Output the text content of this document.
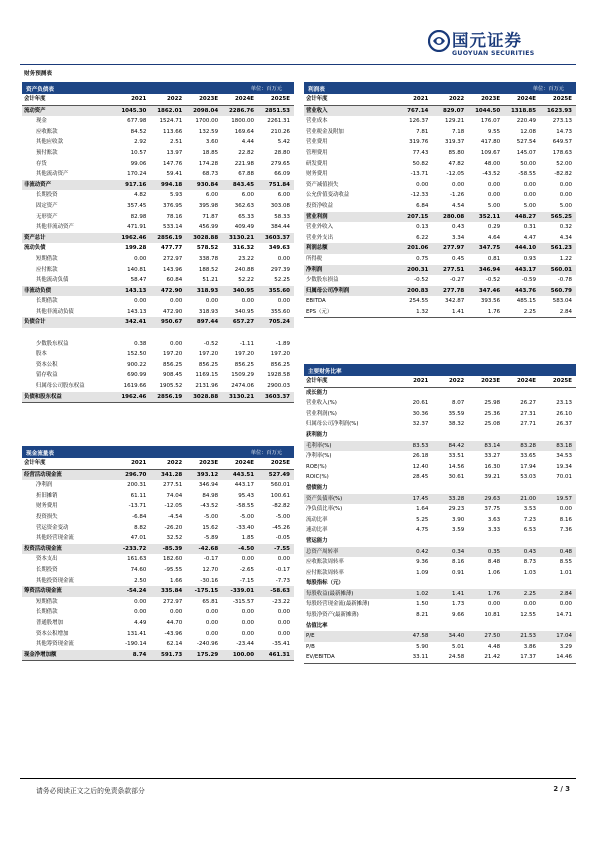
国元证券
GUOYUAN SECURITIES
财务预测表
资产负债表	单位：百万元
会计年度	2021	2022	2023E	2024E	2025E
流动资产	1045.30	1862.01	2098.04	2286.76	2851.53
现金	677.98	1524.71	1700.00	1800.00	2261.31
应收账款	84.52	113.66	132.59	169.64	210.26
其他应收款	2.92	2.51	3.60	4.44	5.42
预付账款	10.57	13.97	18.85	22.82	28.80
存货	99.06	147.76	174.28	221.98	279.65
其他流动资产	170.24	59.41	68.73	67.88	66.09
非流动资产	917.16	994.18	930.84	843.45	751.84
长期投资	4.82	5.93	6.00	6.00	6.00
固定资产	357.45	376.95	395.98	362.63	303.08
无形资产	82.98	78.16	71.87	65.33	58.33
其他非流动资产	471.91	533.14	456.99	409.49	384.44
资产总计	1962.46	2856.19	3028.88	3130.21	3603.37
流动负债	199.28	477.77	578.52	316.32	349.63
短期借款	0.00	272.97	338.78	23.22	0.00
应付账款	140.81	143.96	188.52	240.88	297.39
其他流动负债	58.47	60.84	51.21	52.22	52.25
非流动负债	143.13	472.90	318.93	340.95	355.60
长期借款	0.00	0.00	0.00	0.00	0.00
其他非流动负债	143.13	472.90	318.93	340.95	355.60
负债合计	342.41	950.67	897.44	657.27	705.24

少数股东权益	0.38	0.00	-0.52	-1.11	-1.89
股本	152.50	197.20	197.20	197.20	197.20
资本公积	900.22	856.25	856.25	856.25	856.25
留存收益	690.99	908.45	1169.15	1509.29	1928.58
归属母公司股东权益	1619.66	1905.52	2131.96	2474.06	2900.03
负债和股东权益	1962.46	2856.19	3028.88	3130.21	3603.37
利润表	单位：百万元
会计年度	2021	2022	2023E	2024E	2025E
营业收入	767.14	829.07	1044.50	1318.85	1623.93
营业成本	126.37	129.21	176.07	220.49	273.13
营业税金及附加	7.81	7.18	9.55	12.08	14.73
营业费用	319.76	319.37	417.80	527.54	649.57
管理费用	77.43	85.80	109.67	145.07	178.63
研发费用	50.82	47.82	48.00	50.00	52.00
财务费用	-13.71	-12.05	-43.52	-58.55	-82.82
资产减值损失	0.00	0.00	0.00	0.00	0.00
公允价值变动收益	-12.33	-1.26	0.00	0.00	0.00
投资净收益	6.84	4.54	5.00	5.00	5.00
营业利润	207.15	280.08	352.11	448.27	565.25
营业外收入	0.13	0.43	0.29	0.31	0.32
营业外支出	6.22	3.34	4.64	4.47	4.34
利润总额	201.06	277.97	347.75	444.10	561.23
所得税	0.75	0.45	0.81	0.93	1.22
净利润	200.31	277.51	346.94	443.17	560.01
少数股东损益	-0.52	-0.27	-0.52	-0.59	-0.78
归属母公司净利润	200.83	277.78	347.46	443.76	560.79
EBITDA	254.55	342.87	393.56	485.15	583.04
EPS（元）	1.32	1.41	1.76	2.25	2.84
现金流量表	单位：百万元
会计年度	2021	2022	2023E	2024E	2025E
经营活动现金流	296.70	341.28	393.12	443.51	527.49
净利润	200.31	277.51	346.94	443.17	560.01
折旧摊销	61.11	74.04	84.98	95.43	100.61
财务费用	-13.71	-12.05	-43.52	-58.55	-82.82
投资损失	-6.84	-4.54	-5.00	-5.00	-5.00
营运资金变动	8.82	-26.20	15.62	-33.40	-45.26
其他经营现金流	47.01	32.52	-5.89	1.85	-0.05
投资活动现金流	-233.72	-85.39	-42.68	-4.50	-7.55
资本支出	161.63	182.60	-0.17	0.00	0.00
长期投资	74.60	-95.55	12.70	-2.65	-0.17
其他投资现金流	2.50	1.66	-30.16	-7.15	-7.73
筹资活动现金流	-54.24	335.84	-175.15	-339.01	-58.63
短期借款	0.00	272.97	65.81	-315.57	-23.22
长期借款	0.00	0.00	0.00	0.00	0.00
普通股增加	4.49	44.70	0.00	0.00	0.00
资本公积增加	131.41	-43.96	0.00	0.00	0.00
其他筹资现金流	-190.14	62.14	-240.96	-23.44	-35.41
现金净增加额	8.74	591.73	175.29	100.00	461.31
主要财务比率
会计年度	2021	2022	2023E	2024E	2025E
成长能力					
营业收入(%)	20.61	8.07	25.98	26.27	23.13
营业利润(%)	30.36	35.59	25.36	27.31	26.10
归属母公司净利润(%)	32.37	38.32	25.08	27.71	26.37
获利能力					
毛利率(%)	83.53	84.42	83.14	83.28	83.18
净利率(%)	26.18	33.51	33.27	33.65	34.53
ROE(%)	12.40	14.56	16.30	17.94	19.34
ROIC(%)	28.45	30.61	39.21	53.03	70.01
偿债能力					
资产负债率(%)	17.45	33.28	29.63	21.00	19.57
净负债比率(%)	1.64	29.23	37.75	3.53	0.00
流动比率	5.25	3.90	3.63	7.23	8.16
速动比率	4.75	3.59	3.33	6.53	7.36
营运能力					
总资产周转率	0.42	0.34	0.35	0.43	0.48
应收账款周转率	9.36	8.16	8.48	8.73	8.55
应付账款周转率	1.09	0.91	1.06	1.03	1.01
每股指标（元）					
每股收益(最新摊薄)	1.02	1.41	1.76	2.25	2.84
每股经营现金流(最新摊薄)	1.50	1.73	0.00	0.00	0.00
每股净资产(最新摊薄)	8.21	9.66	10.81	12.55	14.71
估值比率					
P/E	47.58	34.40	27.50	21.53	17.04
P/B	5.90	5.01	4.48	3.86	3.29
EV/EBITDA	33.11	24.58	21.42	17.37	14.46
请务必阅读正文之后的免责条款部分	2 / 3
